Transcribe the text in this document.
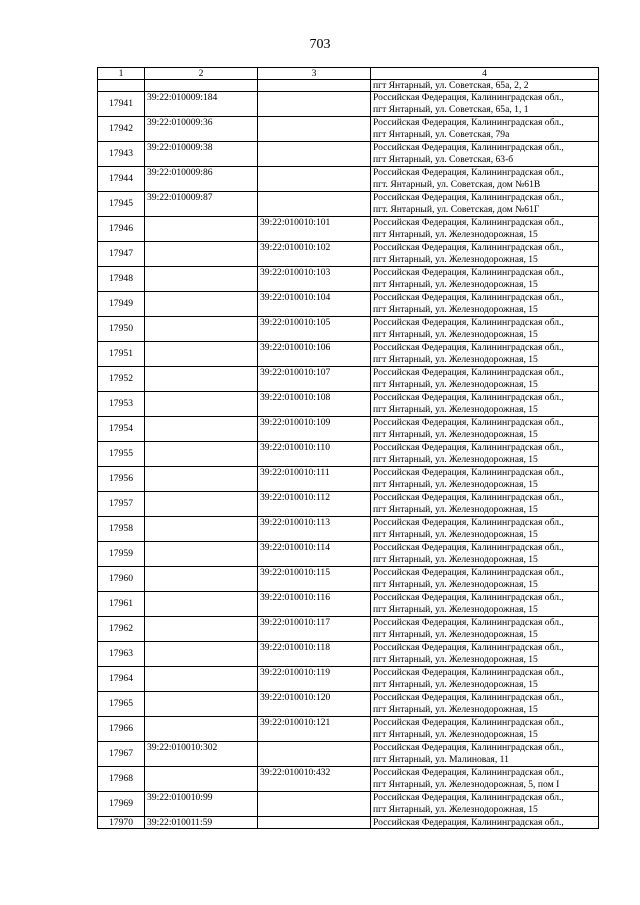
703
1	2	3	4

			пгт Янтарный, ул. Советская, 65а, 2, 2

17941	39:22:010009:184		Российская Федерация, Калининградская обл.,
пгт Янтарный, ул. Советская, 65а, 1, 1

17942	39:22:010009:36		Российская Федерация, Калининградская обл.,
пгт Янтарный, ул. Советская, 79а

17943	39:22:010009:38		Российская Федерация, Калининградская обл.,
пгт Янтарный, ул. Советская, 63-б

17944	39:22:010009:86		Российская Федерация, Калининградская обл.,
пгт. Янтарный, ул. Советская, дом №61В

17945	39:22:010009:87		Российская Федерация, Калининградская обл.,
пгт. Янтарный, ул. Советская, дом №61Г

17946		39:22:010010:101	Российская Федерация, Калининградская обл.,
пгт Янтарный, ул. Железнодорожная, 15

17947		39:22:010010:102	Российская Федерация, Калининградская обл.,
пгт Янтарный, ул. Железнодорожная, 15

17948		39:22:010010:103	Российская Федерация, Калининградская обл.,
пгт Янтарный, ул. Железнодорожная, 15

17949		39:22:010010:104	Российская Федерация, Калининградская обл.,
пгт Янтарный, ул. Железнодорожная, 15

17950		39:22:010010:105	Российская Федерация, Калининградская обл.,
пгт Янтарный, ул. Железнодорожная, 15

17951		39:22:010010:106	Российская Федерация, Калининградская обл.,
пгт Янтарный, ул. Железнодорожная, 15

17952		39:22:010010:107	Российская Федерация, Калининградская обл.,
пгт Янтарный, ул. Железнодорожная, 15

17953		39:22:010010:108	Российская Федерация, Калининградская обл.,
пгт Янтарный, ул. Железнодорожная, 15

17954		39:22:010010:109	Российская Федерация, Калининградская обл.,
пгт Янтарный, ул. Железнодорожная, 15

17955		39:22:010010:110	Российская Федерация, Калининградская обл.,
пгт Янтарный, ул. Железнодорожная, 15

17956		39:22:010010:111	Российская Федерация, Калининградская обл.,
пгт Янтарный, ул. Железнодорожная, 15

17957		39:22:010010:112	Российская Федерация, Калининградская обл.,
пгт Янтарный, ул. Железнодорожная, 15

17958		39:22:010010:113	Российская Федерация, Калининградская обл.,
пгт Янтарный, ул. Железнодорожная, 15

17959		39:22:010010:114	Российская Федерация, Калининградская обл.,
пгт Янтарный, ул. Железнодорожная, 15

17960		39:22:010010:115	Российская Федерация, Калининградская обл.,
пгт Янтарный, ул. Железнодорожная, 15

17961		39:22:010010:116	Российская Федерация, Калининградская обл.,
пгт Янтарный, ул. Железнодорожная, 15

17962		39:22:010010:117	Российская Федерация, Калининградская обл.,
пгт Янтарный, ул. Железнодорожная, 15

17963		39:22:010010:118	Российская Федерация, Калининградская обл.,
пгт Янтарный, ул. Железнодорожная, 15

17964		39:22:010010:119	Российская Федерация, Калининградская обл.,
пгт Янтарный, ул. Железнодорожная, 15

17965		39:22:010010:120	Российская Федерация, Калининградская обл.,
пгт Янтарный, ул. Железнодорожная, 15

17966		39:22:010010:121	Российская Федерация, Калининградская обл.,
пгт Янтарный, ул. Железнодорожная, 15

17967	39:22:010010:302		Российская Федерация, Калининградская обл.,
пгт Янтарный, ул. Малиновая, 11

17968		39:22:010010:432	Российская Федерация, Калининградская обл.,
пгт Янтарный, ул. Железнодорожная, 5, пом I

17969	39:22:010010:99		Российская Федерация, Калининградская обл.,
пгт Янтарный, ул. Железнодорожная, 15

17970	39:22:010011:59		Российская Федерация, Калининградская обл.,
